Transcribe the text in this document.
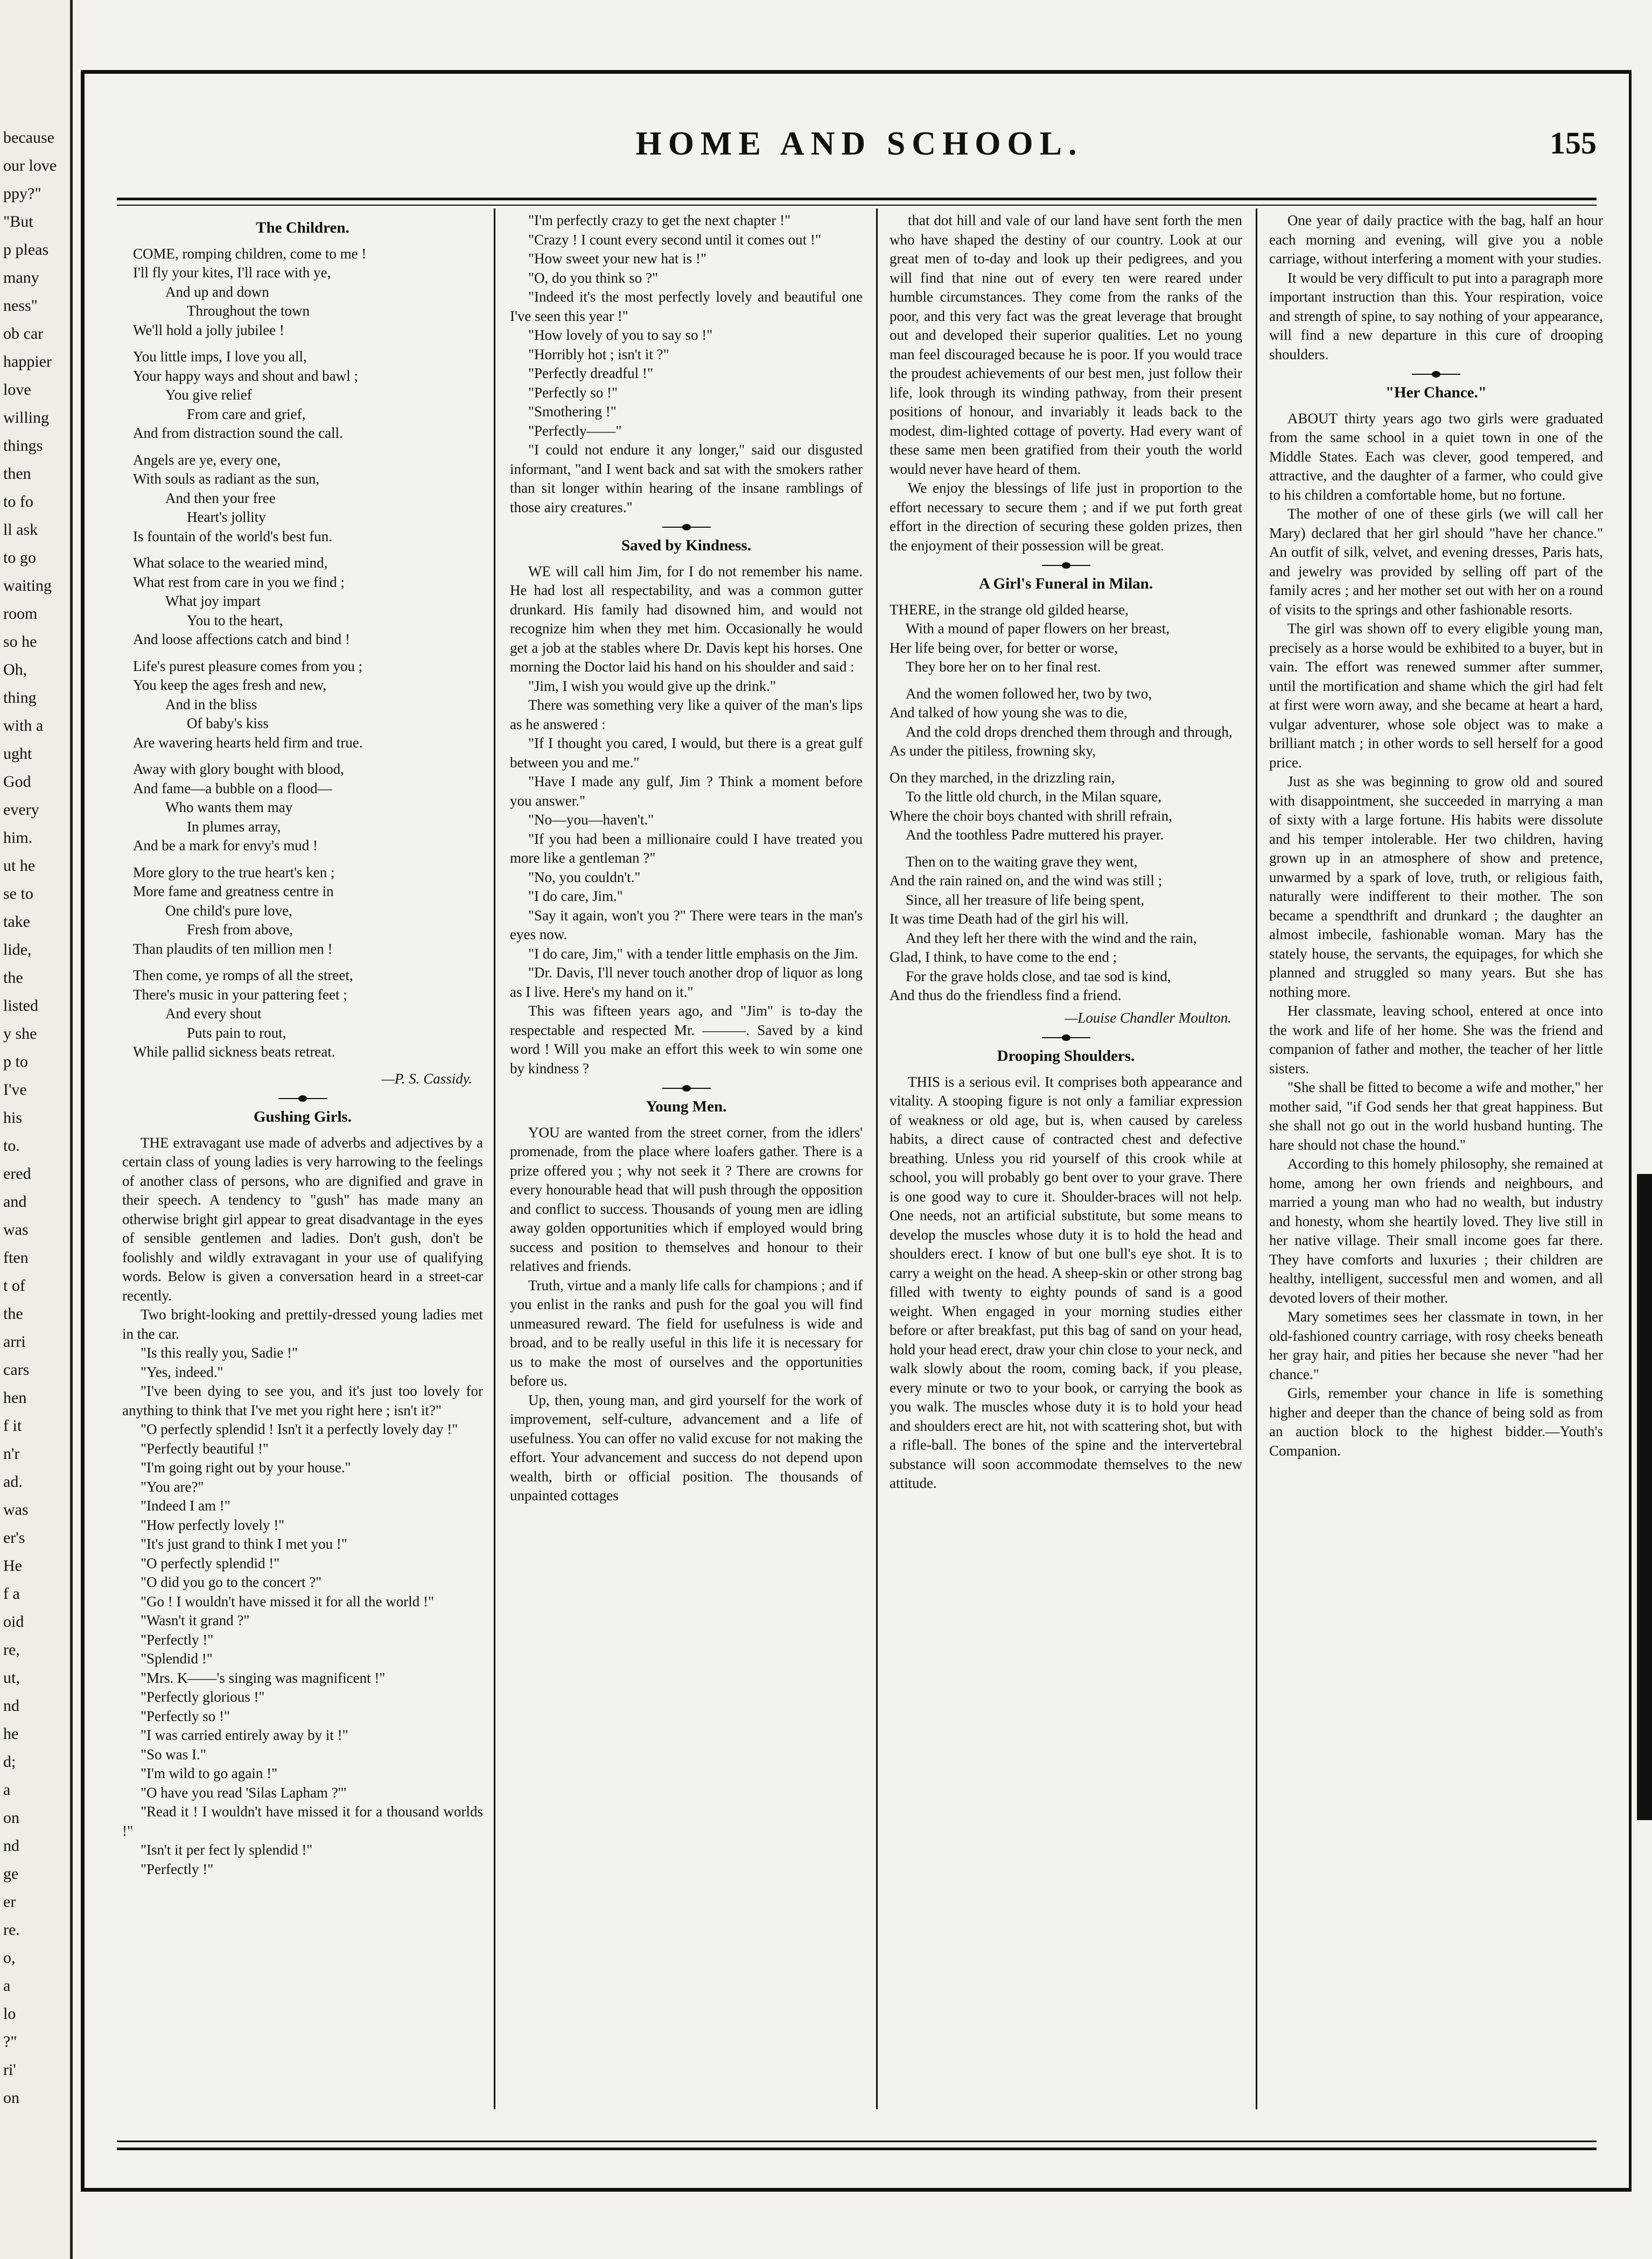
because
our love
ppy?"
"But
p pleas
many
ness"
ob car
happier
love
willing
things
then
to fo
ll ask
to go
waiting
room
so he
Oh,
thing
with a
ught
God
every
him.
ut he
se to
take
lide,
the
listed
y she
p to
I've
his
to.
ered
and
was
ften
t of
the
arri
cars
hen
f it
n'r
ad.
was
er's
He
f a
oid
re,
ut,
nd
he
d;
a
on
nd
ge
er
re.
o,
a
lo
?"
ri'
on
HOME AND SCHOOL.	155
The Children.
COME, romping children, come to me !
I'll fly your kites, I'll race with ye,
And up and down
Throughout the town
We'll hold a jolly jubilee !
You little imps, I love you all,
Your happy ways and shout and bawl ;
You give relief
From care and grief,
And from distraction sound the call.
Angels are ye, every one,
With souls as radiant as the sun,
And then your free
Heart's jollity
Is fountain of the world's best fun.
What solace to the wearied mind,
What rest from care in you we find ;
What joy impart
You to the heart,
And loose affections catch and bind !
Life's purest pleasure comes from you ;
You keep the ages fresh and new,
And in the bliss
Of baby's kiss
Are wavering hearts held firm and true.
Away with glory bought with blood,
And fame—a bubble on a flood—
Who wants them may
In plumes array,
And be a mark for envy's mud !
More glory to the true heart's ken ;
More fame and greatness centre in
One child's pure love,
Fresh from above,
Than plaudits of ten million men !
Then come, ye romps of all the street,
There's music in your pattering feet ;
And every shout
Puts pain to rout,
While pallid sickness beats retreat.
—P. S. Cassidy.
Gushing Girls.

THE extravagant use made of adverbs and adjectives by a certain class of young ladies is very harrowing to the feelings of another class of persons, who are dignified and grave in their speech. A tendency to "gush" has made many an otherwise bright girl appear to great disadvantage in the eyes of sensible gentlemen and ladies. Don't gush, don't be foolishly and wildly extravagant in your use of qualifying words. Below is given a conversation heard in a street-car recently.

Two bright-looking and prettily-dressed young ladies met in the car.

"Is this really you, Sadie !"

"Yes, indeed."

"I've been dying to see you, and it's just too lovely for anything to think that I've met you right here ; isn't it?"

"O perfectly splendid ! Isn't it a perfectly lovely day !"

"Perfectly beautiful !"

"I'm going right out by your house."

"You are?"

"Indeed I am !"

"How perfectly lovely !"

"It's just grand to think I met you !"

"O perfectly splendid !"

"O did you go to the concert ?"

"Go ! I wouldn't have missed it for all the world !"

"Wasn't it grand ?"

"Perfectly !"

"Splendid !"

"Mrs. K——'s singing was magnificent !"

"Perfectly glorious !"

"Perfectly so !"

"I was carried entirely away by it !"

"So was I."

"I'm wild to go again !"

"O have you read 'Silas Lapham ?'"

"Read it ! I wouldn't have missed it for a thousand worlds !"

"Isn't it per fect ly splendid !"

"Perfectly !"

"I'm perfectly crazy to get the next chapter !"

"Crazy ! I count every second until it comes out !"

"How sweet your new hat is !"

"O, do you think so ?"

"Indeed it's the most perfectly lovely and beautiful one I've seen this year !"

"How lovely of you to say so !"

"Horribly hot ; isn't it ?"

"Perfectly dreadful !"

"Perfectly so !"

"Smothering !"

"Perfectly——"

"I could not endure it any longer," said our disgusted informant, "and I went back and sat with the smokers rather than sit longer within hearing of the insane ramblings of those airy creatures."

Saved by Kindness.

WE will call him Jim, for I do not remember his name. He had lost all respectability, and was a common gutter drunkard. His family had disowned him, and would not recognize him when they met him. Occasionally he would get a job at the stables where Dr. Davis kept his horses. One morning the Doctor laid his hand on his shoulder and said :

"Jim, I wish you would give up the drink."

There was something very like a quiver of the man's lips as he answered :

"If I thought you cared, I would, but there is a great gulf between you and me."

"Have I made any gulf, Jim ? Think a moment before you answer."

"No—you—haven't."

"If you had been a millionaire could I have treated you more like a gentleman ?"

"No, you couldn't."

"I do care, Jim."

"Say it again, won't you ?" There were tears in the man's eyes now.

"I do care, Jim," with a tender little emphasis on the Jim.

"Dr. Davis, I'll never touch another drop of liquor as long as I live. Here's my hand on it."

This was fifteen years ago, and "Jim" is to-day the respectable and respected Mr. ———. Saved by a kind word ! Will you make an effort this week to win some one by kindness ?

Young Men.

YOU are wanted from the street corner, from the idlers' promenade, from the place where loafers gather. There is a prize offered you ; why not seek it ? There are crowns for every honourable head that will push through the opposition and conflict to success. Thousands of young men are idling away golden opportunities which if employed would bring success and position to themselves and honour to their relatives and friends.

Truth, virtue and a manly life calls for champions ; and if you enlist in the ranks and push for the goal you will find unmeasured reward. The field for usefulness is wide and broad, and to be really useful in this life it is necessary for us to make the most of ourselves and the opportunities before us.

Up, then, young man, and gird yourself for the work of improvement, self-culture, advancement and a life of usefulness. You can offer no valid excuse for not making the effort. Your advancement and success do not depend upon wealth, birth or official position. The thousands of unpainted cottages

that dot hill and vale of our land have sent forth the men who have shaped the destiny of our country. Look at our great men of to-day and look up their pedigrees, and you will find that nine out of every ten were reared under humble circumstances. They come from the ranks of the poor, and this very fact was the great leverage that brought out and developed their superior qualities. Let no young man feel discouraged because he is poor. If you would trace the proudest achievements of our best men, just follow their life, look through its winding pathway, from their present positions of honour, and invariably it leads back to the modest, dim-lighted cottage of poverty. Had every want of these same men been gratified from their youth the world would never have heard of them.

We enjoy the blessings of life just in proportion to the effort necessary to secure them ; and if we put forth great effort in the direction of securing these golden prizes, then the enjoyment of their possession will be great.

A Girl's Funeral in Milan.
THERE, in the strange old gilded hearse,
With a mound of paper flowers on her breast,
Her life being over, for better or worse,
They bore her on to her final rest.
And the women followed her, two by two,
And talked of how young she was to die,
And the cold drops drenched them through and through,
As under the pitiless, frowning sky,
On they marched, in the drizzling rain,
To the little old church, in the Milan square,
Where the choir boys chanted with shrill refrain,
And the toothless Padre muttered his prayer.
Then on to the waiting grave they went,
And the rain rained on, and the wind was still ;
Since, all her treasure of life being spent,
It was time Death had of the girl his will.
And they left her there with the wind and the rain,
Glad, I think, to have come to the end ;
For the grave holds close, and tae sod is kind,
And thus do the friendless find a friend.
—Louise Chandler Moulton.
Drooping Shoulders.

THIS is a serious evil. It comprises both appearance and vitality. A stooping figure is not only a familiar expression of weakness or old age, but is, when caused by careless habits, a direct cause of contracted chest and defective breathing. Unless you rid yourself of this crook while at school, you will probably go bent over to your grave. There is one good way to cure it. Shoulder-braces will not help. One needs, not an artificial substitute, but some means to develop the muscles whose duty it is to hold the head and shoulders erect. I know of but one bull's eye shot. It is to carry a weight on the head. A sheep-skin or other strong bag filled with twenty to eighty pounds of sand is a good weight. When engaged in your morning studies either before or after breakfast, put this bag of sand on your head, hold your head erect, draw your chin close to your neck, and walk slowly about the room, coming back, if you please, every minute or two to your book, or carrying the book as you walk. The muscles whose duty it is to hold your head and shoulders erect are hit, not with scattering shot, but with a rifle-ball. The bones of the spine and the intervertebral substance will soon accommodate themselves to the new attitude.

One year of daily practice with the bag, half an hour each morning and evening, will give you a noble carriage, without interfering a moment with your studies.

It would be very difficult to put into a paragraph more important instruction than this. Your respiration, voice and strength of spine, to say nothing of your appearance, will find a new departure in this cure of drooping shoulders.

"Her Chance."

ABOUT thirty years ago two girls were graduated from the same school in a quiet town in one of the Middle States. Each was clever, good tempered, and attractive, and the daughter of a farmer, who could give to his children a comfortable home, but no fortune.

The mother of one of these girls (we will call her Mary) declared that her girl should "have her chance." An outfit of silk, velvet, and evening dresses, Paris hats, and jewelry was provided by selling off part of the family acres ; and her mother set out with her on a round of visits to the springs and other fashionable resorts.

The girl was shown off to every eligible young man, precisely as a horse would be exhibited to a buyer, but in vain. The effort was renewed summer after summer, until the mortification and shame which the girl had felt at first were worn away, and she became at heart a hard, vulgar adventurer, whose sole object was to make a brilliant match ; in other words to sell herself for a good price.

Just as she was beginning to grow old and soured with disappointment, she succeeded in marrying a man of sixty with a large fortune. His habits were dissolute and his temper intolerable. Her two children, having grown up in an atmosphere of show and pretence, unwarmed by a spark of love, truth, or religious faith, naturally were indifferent to their mother. The son became a spendthrift and drunkard ; the daughter an almost imbecile, fashionable woman. Mary has the stately house, the servants, the equipages, for which she planned and struggled so many years. But she has nothing more.

Her classmate, leaving school, entered at once into the work and life of her home. She was the friend and companion of father and mother, the teacher of her little sisters.

"She shall be fitted to become a wife and mother," her mother said, "if God sends her that great happiness. But she shall not go out in the world husband hunting. The hare should not chase the hound."

According to this homely philosophy, she remained at home, among her own friends and neighbours, and married a young man who had no wealth, but industry and honesty, whom she heartily loved. They live still in her native village. Their small income goes far there. They have comforts and luxuries ; their children are healthy, intelligent, successful men and women, and all devoted lovers of their mother.

Mary sometimes sees her classmate in town, in her old-fashioned country carriage, with rosy cheeks beneath her gray hair, and pities her because she never "had her chance."

Girls, remember your chance in life is something higher and deeper than the chance of being sold as from an auction block to the highest bidder.—Youth's Companion.
